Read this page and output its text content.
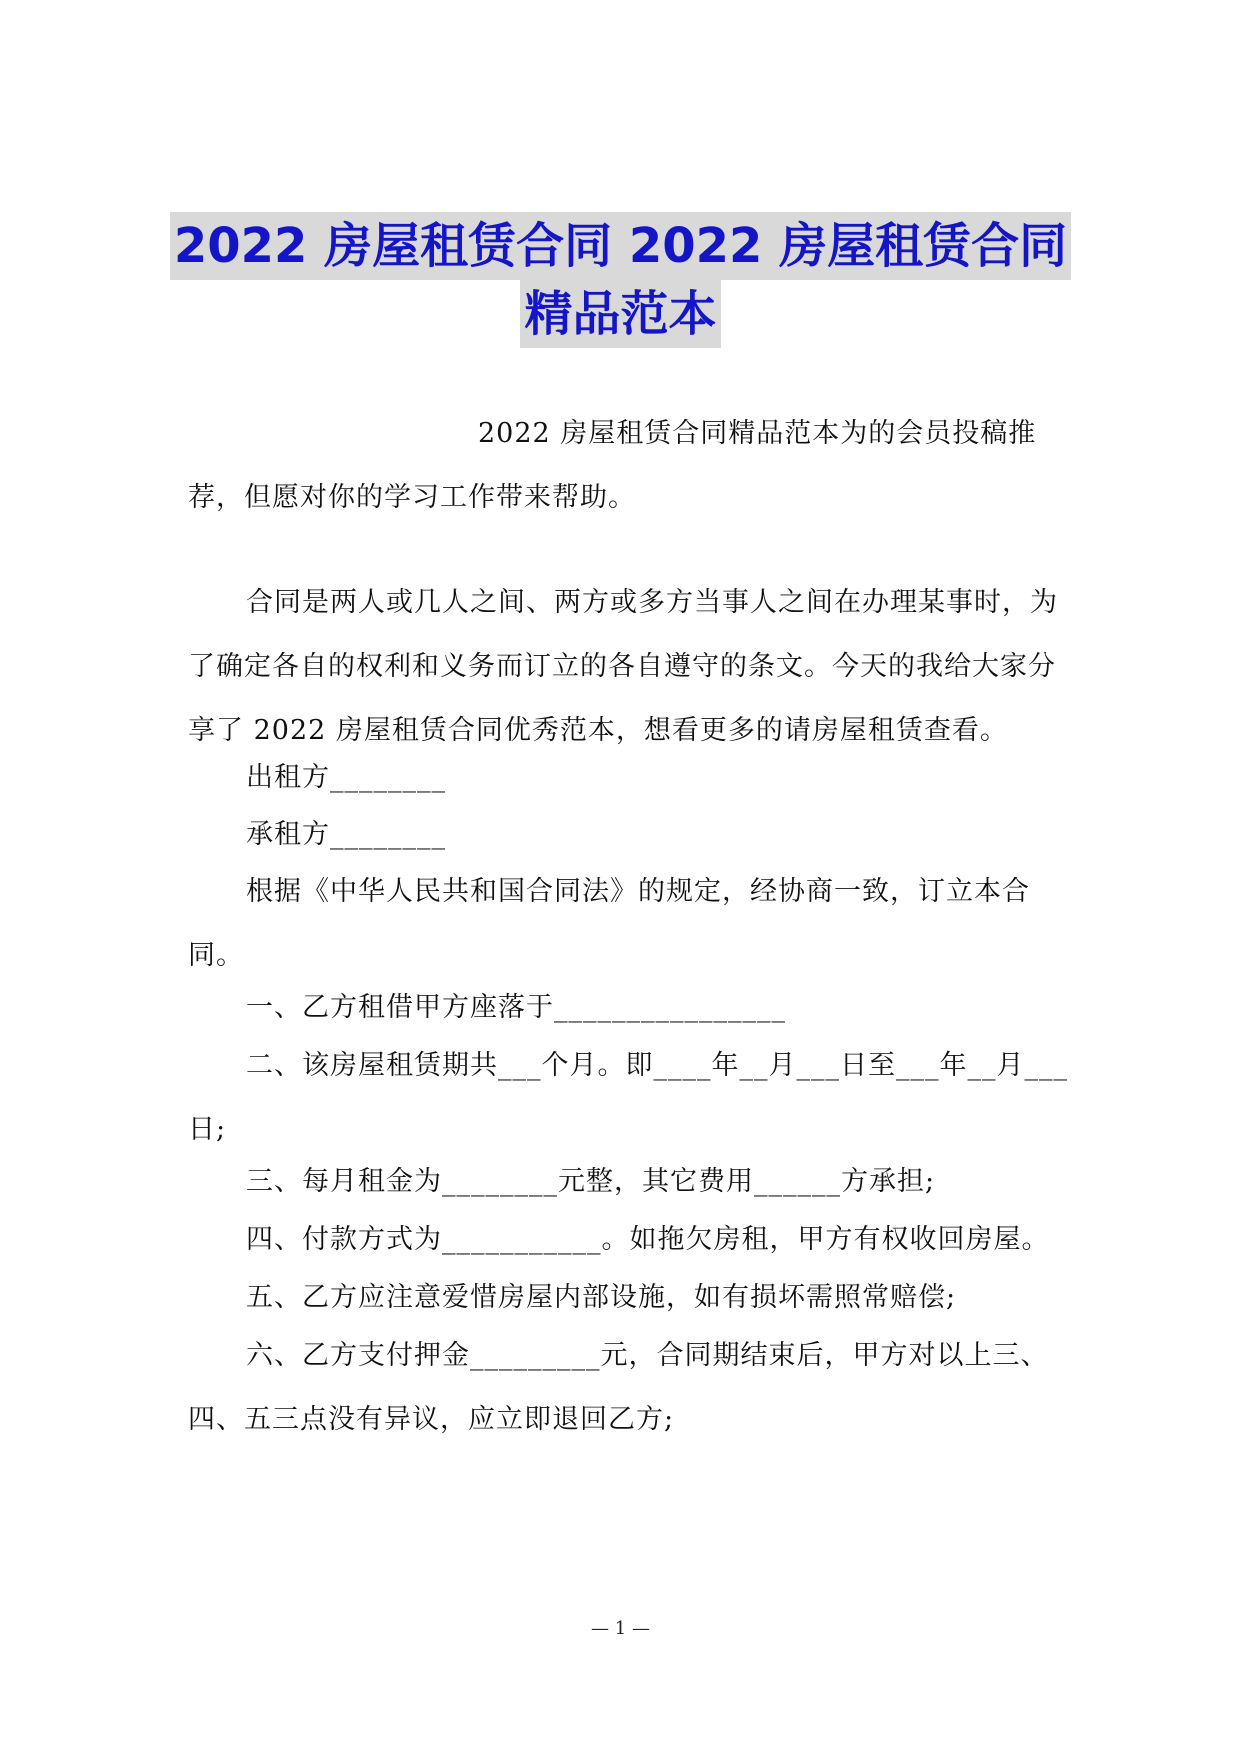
2022 房屋租赁合同 2022 房屋租赁合同
精品范本

2022 房屋租赁合同精品范本为的会员投稿推荐，但愿对你的学习工作带来帮助。

合同是两人或几人之间、两方或多方当事人之间在办理某事时，为了确定各自的权利和义务而订立的各自遵守的条文。今天的我给大家分享了 2022 房屋租赁合同优秀范本，想看更多的请房屋租赁查看。

出租方________

承租方________

根据《中华人民共和国合同法》的规定，经协商一致，订立本合同。

一、乙方租借甲方座落于________________

二、该房屋租赁期共___个月。即____年__月___日至___年__月___日;

三、每月租金为________元整，其它费用______方承担;

四、付款方式为___________。如拖欠房租，甲方有权收回房屋。

五、乙方应注意爱惜房屋内部设施，如有损坏需照常赔偿;

六、乙方支付押金_________元，合同期结束后，甲方对以上三、四、五三点没有异议，应立即退回乙方;

— 1 —
